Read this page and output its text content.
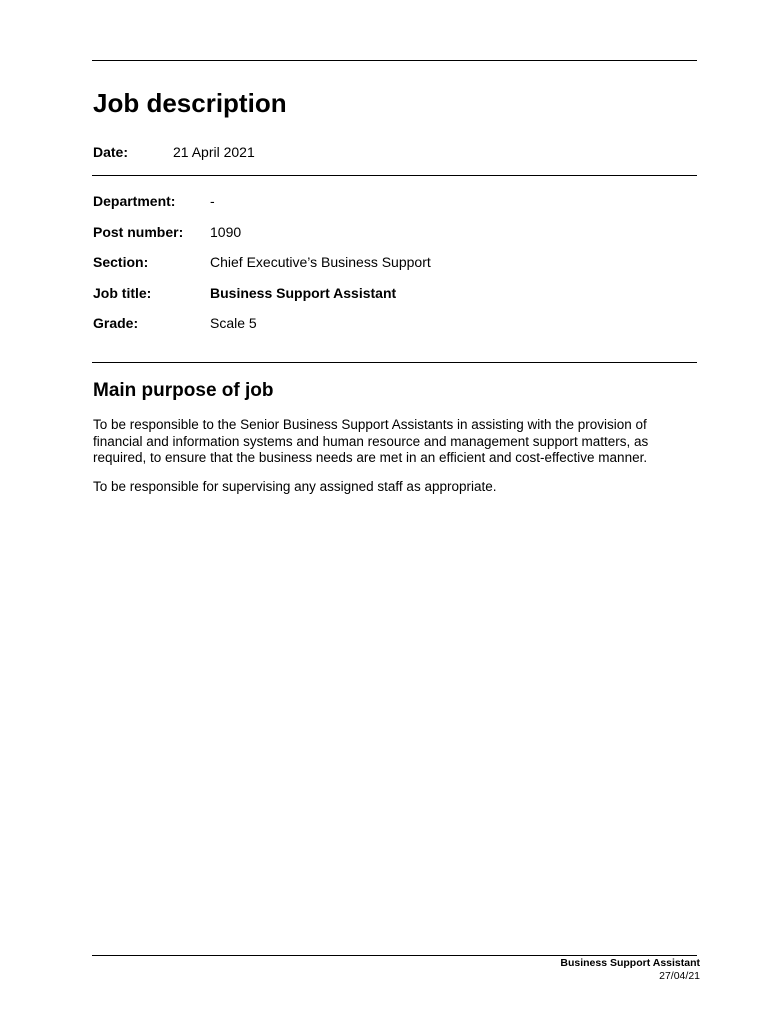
Job description
Date:	21 April 2021
Department: -
Post number: 1090
Section:	Chief Executive’s Business Support
Job title:	Business Support Assistant
Grade:	Scale 5
Main purpose of job

To be responsible to the Senior Business Support Assistants in assisting with the provision of financial and information systems and human resource and management support matters, as required, to ensure that the business needs are met in an efficient and cost-effective manner.

To be responsible for supervising any assigned staff as appropriate.

Business Support Assistant
27/04/21
